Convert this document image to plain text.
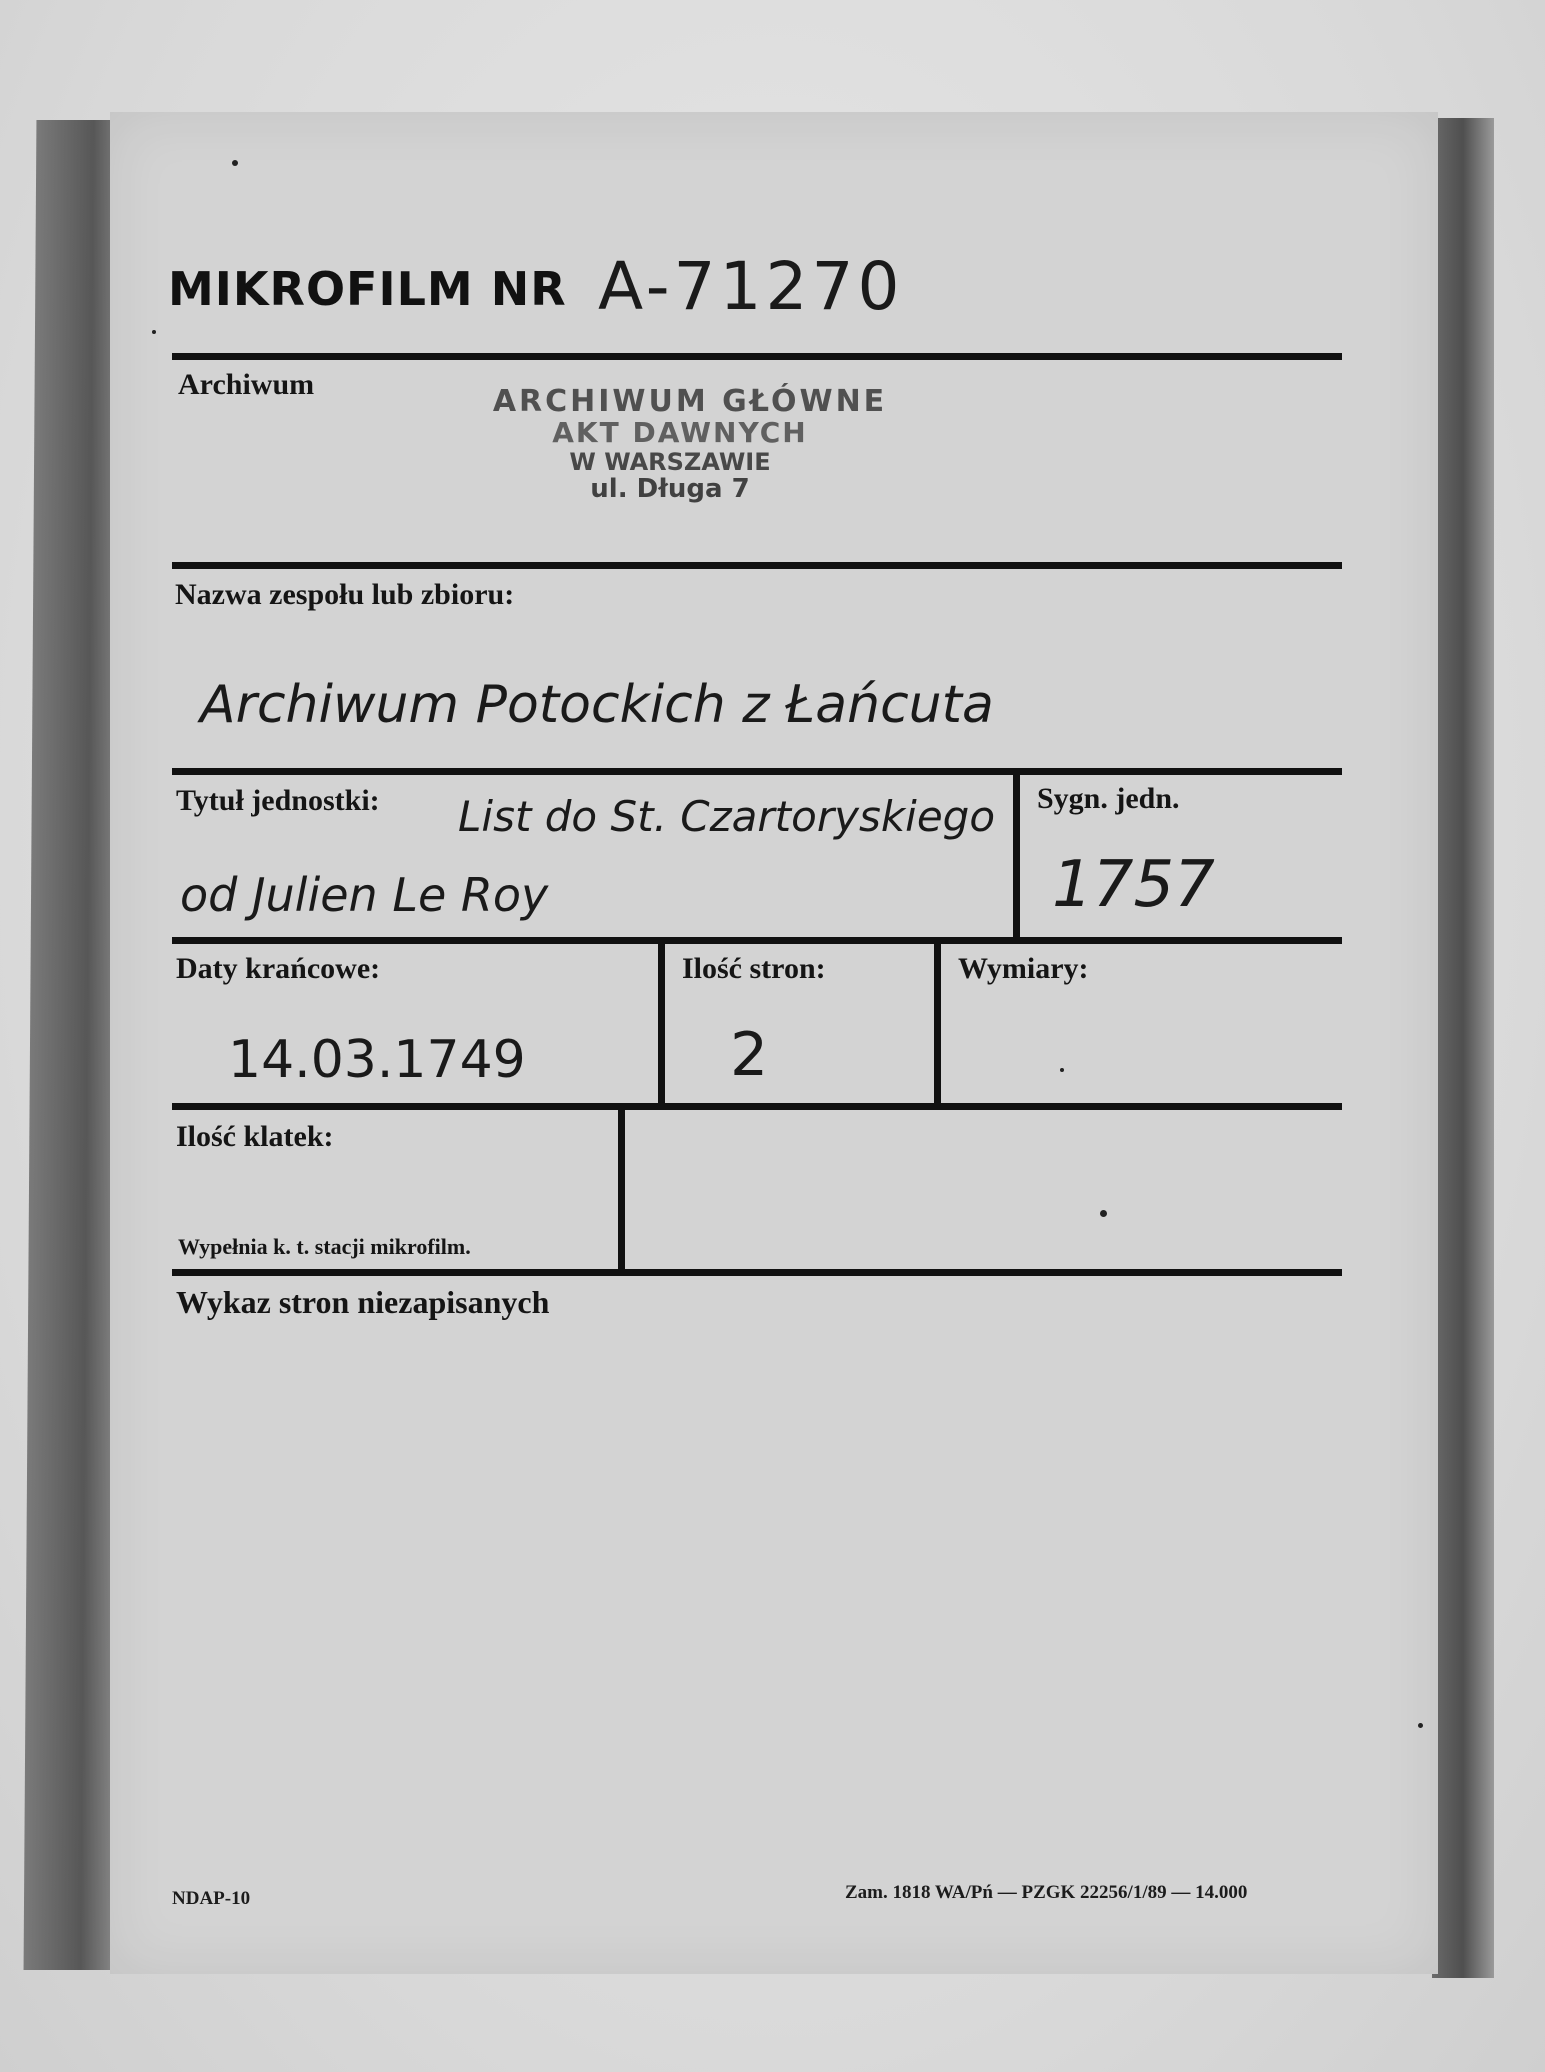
MIKROFILM NR A-71270
Archiwum	ARCHIWUM GŁÓWNE
AKT DAWNYCH
W WARSZAWIE
ul. Długa 7
Nazwa zespołu lub zbioru:
Archiwum Potockich z Łańcuta
Tytuł jednostki: List do St. Czartoryskiego
od Julien Le Roy
Sygn. jedn.
1757
Daty krańcowe:
14.03.1749
Ilość stron:
2
Wymiary:
Ilość klatek:
Wypełnia k. t. stacji mikrofilm.
Wykaz stron niezapisanych
NDAP-10	Zam. 1818 WA/Pń — PZGK 22256/1/89 — 14.000
